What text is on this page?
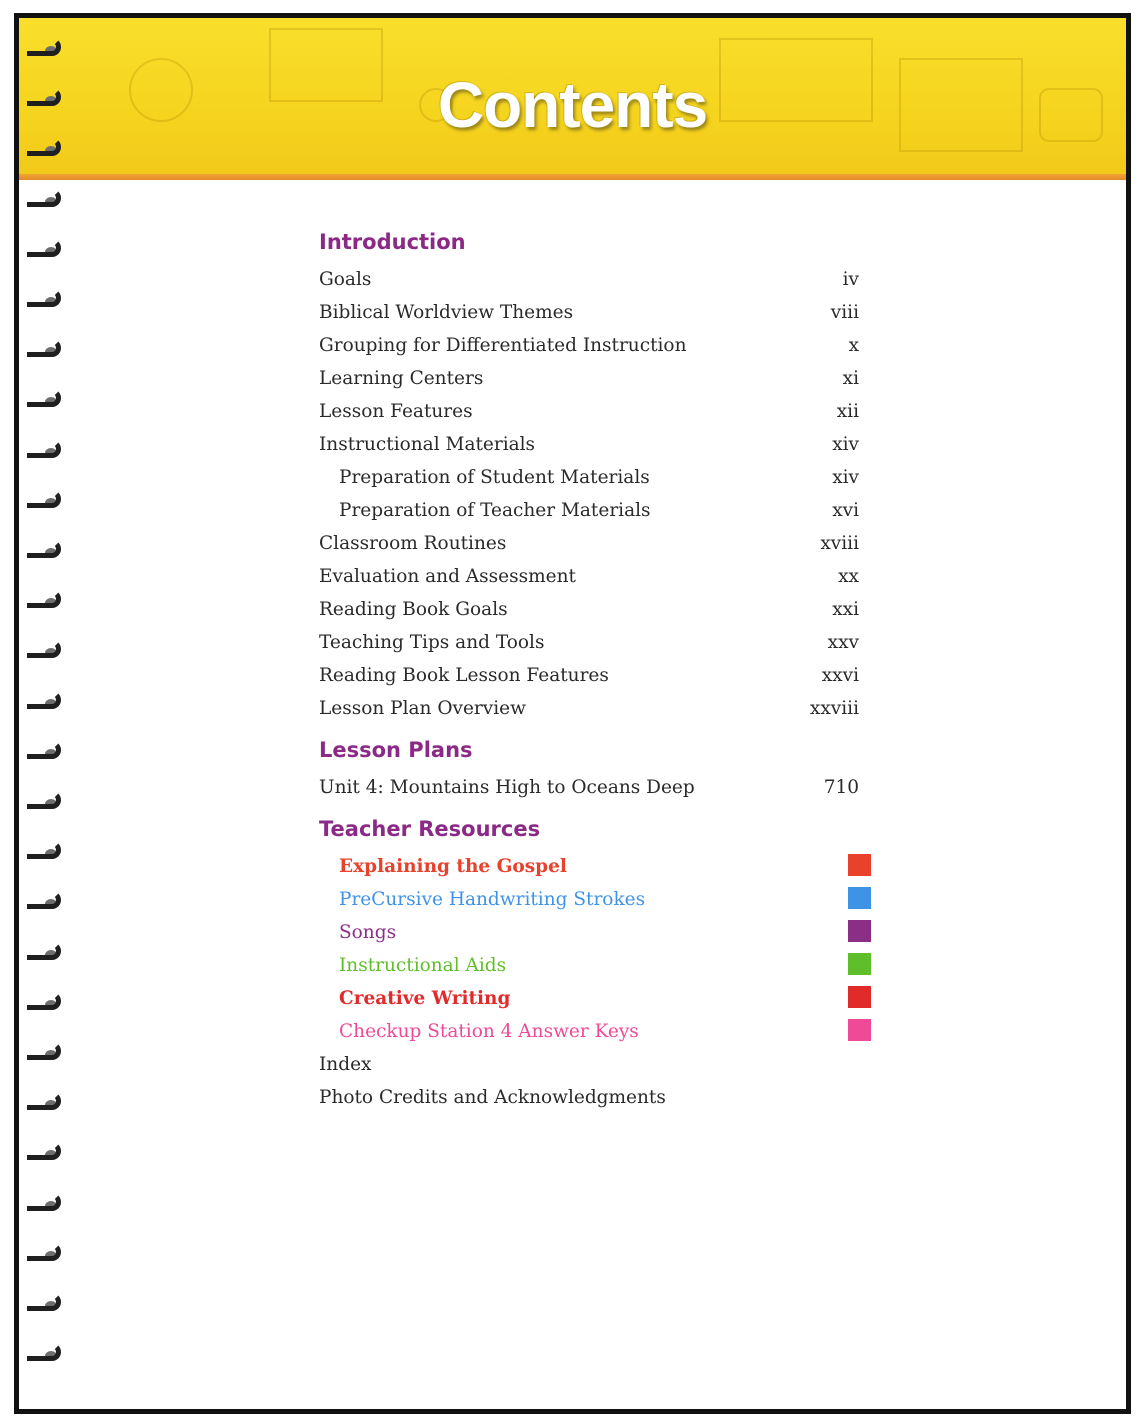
Contents
Introduction
Goals	iv
Biblical Worldview Themes	viii
Grouping for Differentiated Instruction	x
Learning Centers	xi
Lesson Features	xii
Instructional Materials	xiv
Preparation of Student Materials	xiv
Preparation of Teacher Materials	xvi
Classroom Routines	xviii
Evaluation and Assessment	xx
Reading Book Goals	xxi
Teaching Tips and Tools	xxv
Reading Book Lesson Features	xxvi
Lesson Plan Overview	xxviii
Lesson Plans
Unit 4: Mountains High to Oceans Deep	710
Teacher Resources
Explaining the Gospel
PreCursive Handwriting Strokes
Songs
Instructional Aids
Creative Writing
Checkup Station 4 Answer Keys
Index
Photo Credits and Acknowledgments
